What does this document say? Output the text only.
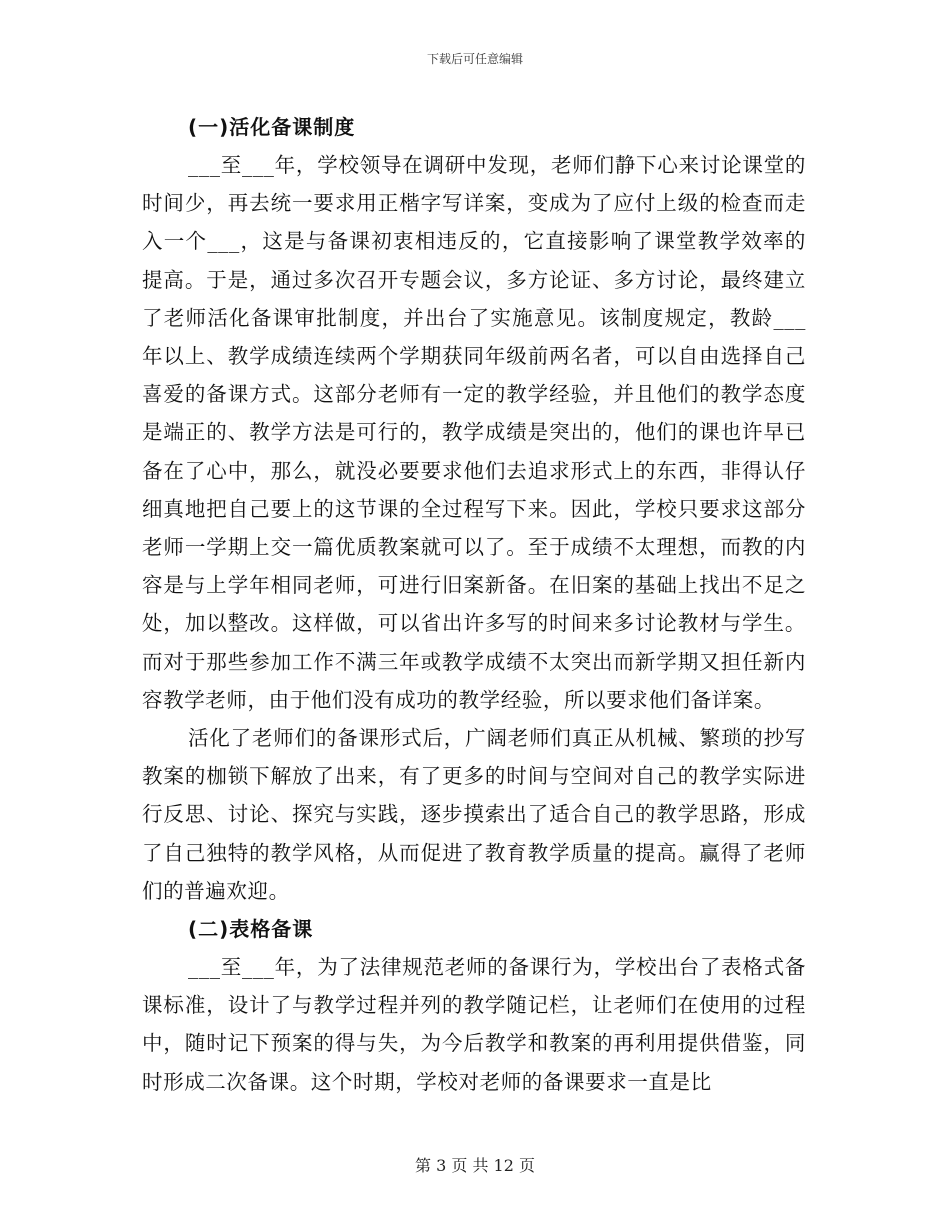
下载后可任意编辑
(一)活化备课制度

___至___年，学校领导在调研中发现，老师们静下心来讨论课堂的时间少，再去统一要求用正楷字写详案，变成为了应付上级的检查而走入一个___，这是与备课初衷相违反的，它直接影响了课堂教学效率的提高。于是，通过多次召开专题会议，多方论证、多方讨论，最终建立了老师活化备课审批制度，并出台了实施意见。该制度规定，教龄___年以上、教学成绩连续两个学期获同年级前两名者，可以自由选择自己喜爱的备课方式。这部分老师有一定的教学经验，并且他们的教学态度是端正的、教学方法是可行的，教学成绩是突出的，他们的课也许早已备在了心中，那么，就没必要要求他们去追求形式上的东西，非得认仔细真地把自己要上的这节课的全过程写下来。因此，学校只要求这部分老师一学期上交一篇优质教案就可以了。至于成绩不太理想，而教的内容是与上学年相同老师，可进行旧案新备。在旧案的基础上找出不足之处，加以整改。这样做，可以省出许多写的时间来多讨论教材与学生。而对于那些参加工作不满三年或教学成绩不太突出而新学期又担任新内容教学老师，由于他们没有成功的教学经验，所以要求他们备详案。

活化了老师们的备课形式后，广阔老师们真正从机械、繁琐的抄写教案的枷锁下解放了出来，有了更多的时间与空间对自己的教学实际进行反思、讨论、探究与实践，逐步摸索出了适合自己的教学思路，形成了自己独特的教学风格，从而促进了教育教学质量的提高。赢得了老师们的普遍欢迎。

(二)表格备课

___至___年，为了法律规范老师的备课行为，学校出台了表格式备课标准，设计了与教学过程并列的教学随记栏，让老师们在使用的过程中，随时记下预案的得与失，为今后教学和教案的再利用提供借鉴，同时形成二次备课。这个时期，学校对老师的备课要求一直是比

第 3 页 共 12 页
